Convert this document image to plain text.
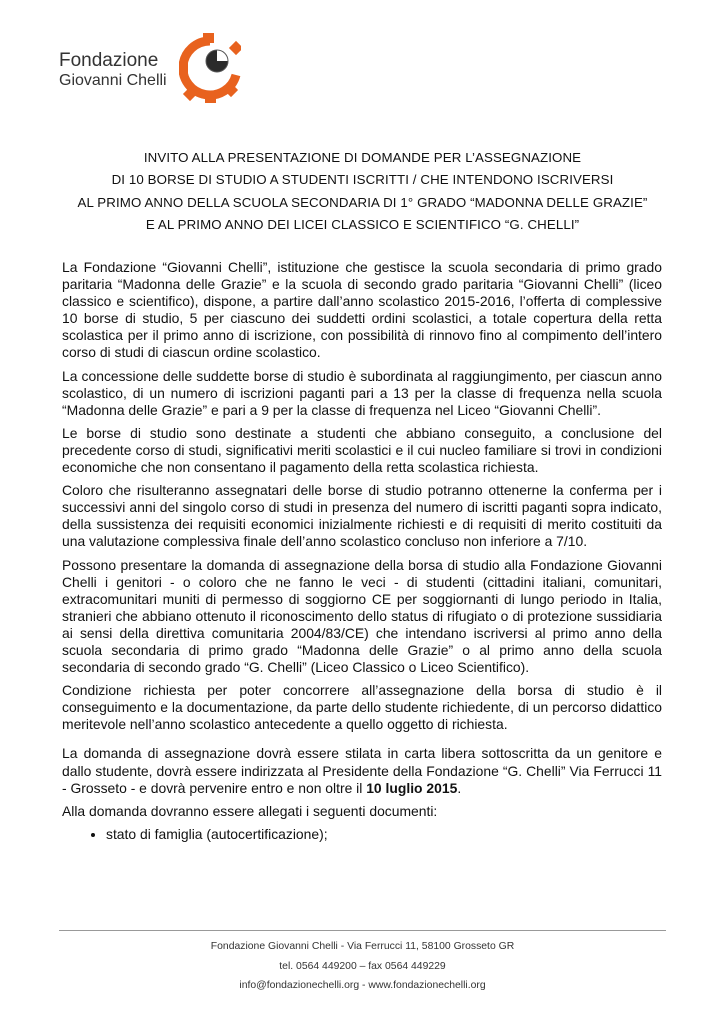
Fondazione
Giovanni Chelli
INVITO ALLA PRESENTAZIONE DI DOMANDE PER L’ASSEGNAZIONE
DI 10 BORSE DI STUDIO A STUDENTI ISCRITTI / CHE INTENDONO ISCRIVERSI
AL PRIMO ANNO DELLA SCUOLA SECONDARIA DI 1° GRADO “MADONNA DELLE GRAZIE”
E AL PRIMO ANNO DEI LICEI CLASSICO E SCIENTIFICO “G. CHELLI”

La Fondazione “Giovanni Chelli”, istituzione che gestisce la scuola secondaria di primo grado paritaria “Madonna delle Grazie” e la scuola di secondo grado paritaria “Giovanni Chelli” (liceo classico e scientifico), dispone, a partire dall’anno scolastico 2015-2016, l’offerta di complessive 10 borse di studio, 5 per ciascuno dei suddetti ordini scolastici, a totale copertura della retta scolastica per il primo anno di iscrizione, con possibilità di rinnovo fino al compimento dell’intero corso di studi di ciascun ordine scolastico.

La concessione delle suddette borse di studio è subordinata al raggiungimento, per ciascun anno scolastico, di un numero di iscrizioni paganti pari a 13 per la classe di frequenza nella scuola “Madonna delle Grazie” e pari a 9 per la classe di frequenza nel Liceo “Giovanni Chelli”.

Le borse di studio sono destinate a studenti che abbiano conseguito, a conclusione del precedente corso di studi, significativi meriti scolastici e il cui nucleo familiare si trovi in condizioni economiche che non consentano il pagamento della retta scolastica richiesta.

Coloro che risulteranno assegnatari delle borse di studio potranno ottenerne la conferma per i successivi anni del singolo corso di studi in presenza del numero di iscritti paganti sopra indicato, della sussistenza dei requisiti economici inizialmente richiesti e di requisiti di merito costituiti da una valutazione complessiva finale dell’anno scolastico concluso non inferiore a 7/10.

Possono presentare la domanda di assegnazione della borsa di studio alla Fondazione Giovanni Chelli i genitori - o coloro che ne fanno le veci - di studenti (cittadini italiani, comunitari, extracomunitari muniti di permesso di soggiorno CE per soggiornanti di lungo periodo in Italia, stranieri che abbiano ottenuto il riconoscimento dello status di rifugiato o di protezione sussidiaria ai sensi della direttiva comunitaria 2004/83/CE) che intendano iscriversi al primo anno della scuola secondaria di primo grado “Madonna delle Grazie” o al primo anno della scuola secondaria di secondo grado “G. Chelli” (Liceo Classico o Liceo Scientifico).

Condizione richiesta per poter concorrere all’assegnazione della borsa di studio è il conseguimento e la documentazione, da parte dello studente richiedente, di un percorso didattico meritevole nell’anno scolastico antecedente a quello oggetto di richiesta.

La domanda di assegnazione dovrà essere stilata in carta libera sottoscritta da un genitore e dallo studente, dovrà essere indirizzata al Presidente della Fondazione “G. Chelli” Via Ferrucci 11 - Grosseto - e dovrà pervenire entro e non oltre il 10 luglio 2015.

Alla domanda dovranno essere allegati i seguenti documenti:

• stato di famiglia (autocertificazione);
Fondazione Giovanni Chelli - Via Ferrucci 11, 58100 Grosseto GR
tel. 0564 449200 – fax 0564 449229
info@fondazionechelli.org - www.fondazionechelli.org
